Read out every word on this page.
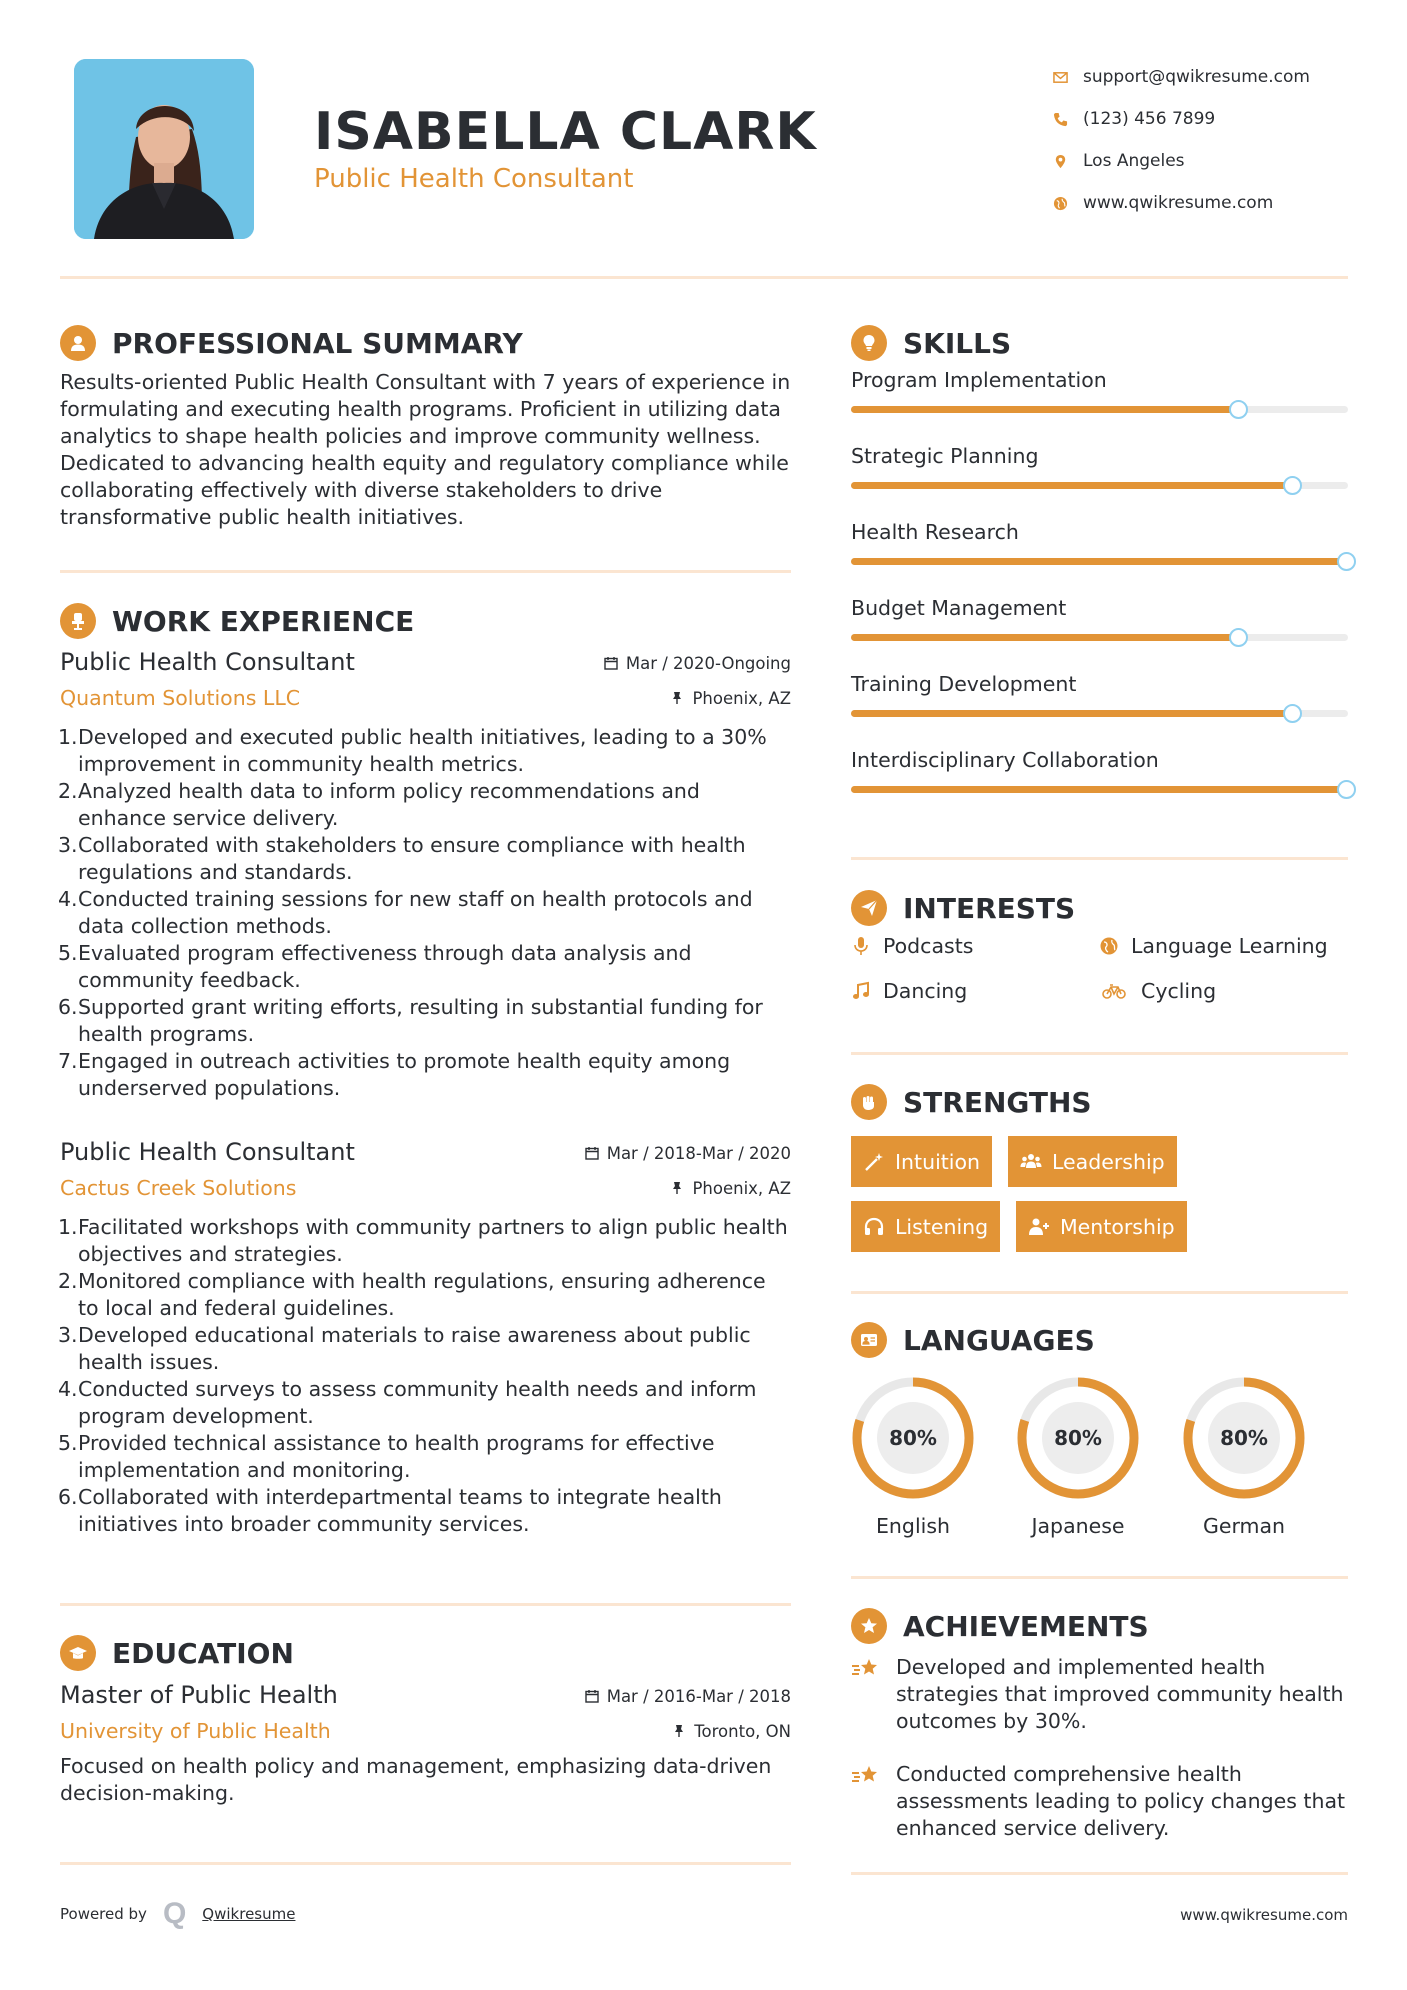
ISABELLA CLARK
Public Health Consultant
support@qwikresume.com
(123) 456 7899
Los Angeles
www.qwikresume.com
PROFESSIONAL SUMMARY
Results-oriented Public Health Consultant with 7 years of experience in formulating and executing health programs. Proficient in utilizing data analytics to shape health policies and improve community wellness. Dedicated to advancing health equity and regulatory compliance while collaborating effectively with diverse stakeholders to drive transformative public health initiatives.
WORK EXPERIENCE
Public Health Consultant	Mar / 2020-Ongoing
Quantum Solutions LLC	Phoenix, AZ
1. Developed and executed public health initiatives, leading to a 30% improvement in community health metrics.
2. Analyzed health data to inform policy recommendations and enhance service delivery.
3. Collaborated with stakeholders to ensure compliance with health regulations and standards.
4. Conducted training sessions for new staff on health protocols and data collection methods.
5. Evaluated program effectiveness through data analysis and community feedback.
6. Supported grant writing efforts, resulting in substantial funding for health programs.
7. Engaged in outreach activities to promote health equity among underserved populations.
Public Health Consultant	Mar / 2018-Mar / 2020
Cactus Creek Solutions	Phoenix, AZ
1. Facilitated workshops with community partners to align public health objectives and strategies.
2. Monitored compliance with health regulations, ensuring adherence to local and federal guidelines.
3. Developed educational materials to raise awareness about public health issues.
4. Conducted surveys to assess community health needs and inform program development.
5. Provided technical assistance to health programs for effective implementation and monitoring.
6. Collaborated with interdepartmental teams to integrate health initiatives into broader community services.
EDUCATION
Master of Public Health	Mar / 2016-Mar / 2018
University of Public Health	Toronto, ON
Focused on health policy and management, emphasizing data-driven decision-making.
SKILLS
Program Implementation
Strategic Planning
Health Research
Budget Management
Training Development
Interdisciplinary Collaboration
INTERESTS
Podcasts	Language Learning
Dancing	Cycling
STRENGTHS
Intuition	Leadership
Listening	Mentorship
LANGUAGES
80%
English
80%
Japanese
80%
German
ACHIEVEMENTS
Developed and implemented health strategies that improved community health outcomes by 30%.
Conducted comprehensive health assessments leading to policy changes that enhanced service delivery.
Powered by Q Qwikresume	www.qwikresume.com
